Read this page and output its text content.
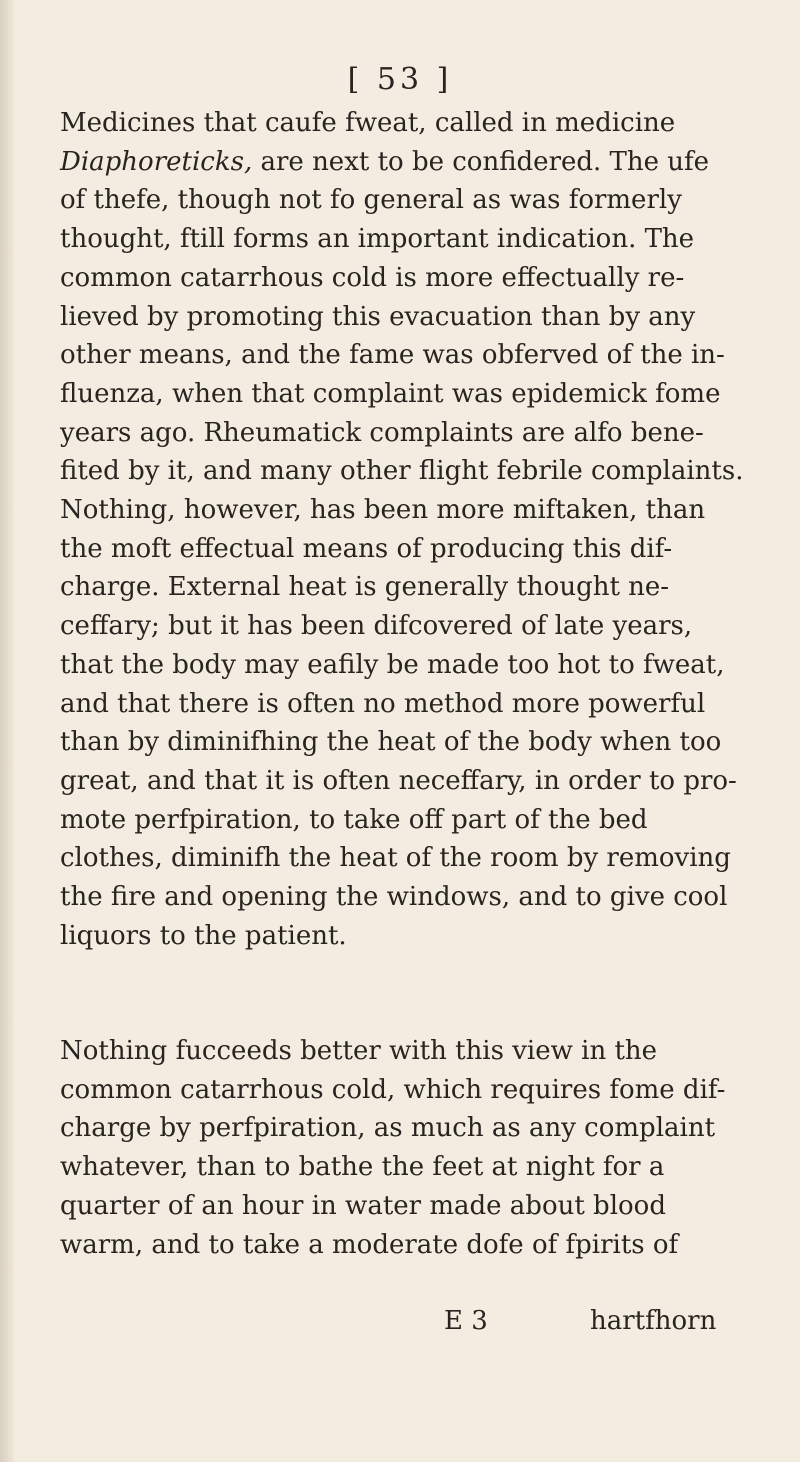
[ 53 ]

Medicines that caufe fweat, called in medicine
Diaphoreticks, are next to be confidered. The ufe
of thefe, though not fo general as was formerly
thought, ftill forms an important indication. The
common catarrhous cold is more effectually re-
lieved by promoting this evacuation than by any
other means, and the fame was obferved of the in-
fluenza, when that complaint was epidemick fome
years ago. Rheumatick complaints are alfo bene-
fited by it, and many other flight febrile complaints.
Nothing, however, has been more miftaken, than
the moft effectual means of producing this dif-
charge. External heat is generally thought ne-
ceffary; but it has been difcovered of late years,
that the body may eafily be made too hot to fweat,
and that there is often no method more powerful
than by diminifhing the heat of the body when too
great, and that it is often neceffary, in order to pro-
mote perfpiration, to take off part of the bed
clothes, diminifh the heat of the room by removing
the fire and opening the windows, and to give cool
liquors to the patient.

Nothing fucceeds better with this view in the
common catarrhous cold, which requires fome dif-
charge by perfpiration, as much as any complaint
whatever, than to bathe the feet at night for a
quarter of an hour in water made about blood
warm, and to take a moderate dofe of fpirits of

E 3	hartfhorn
